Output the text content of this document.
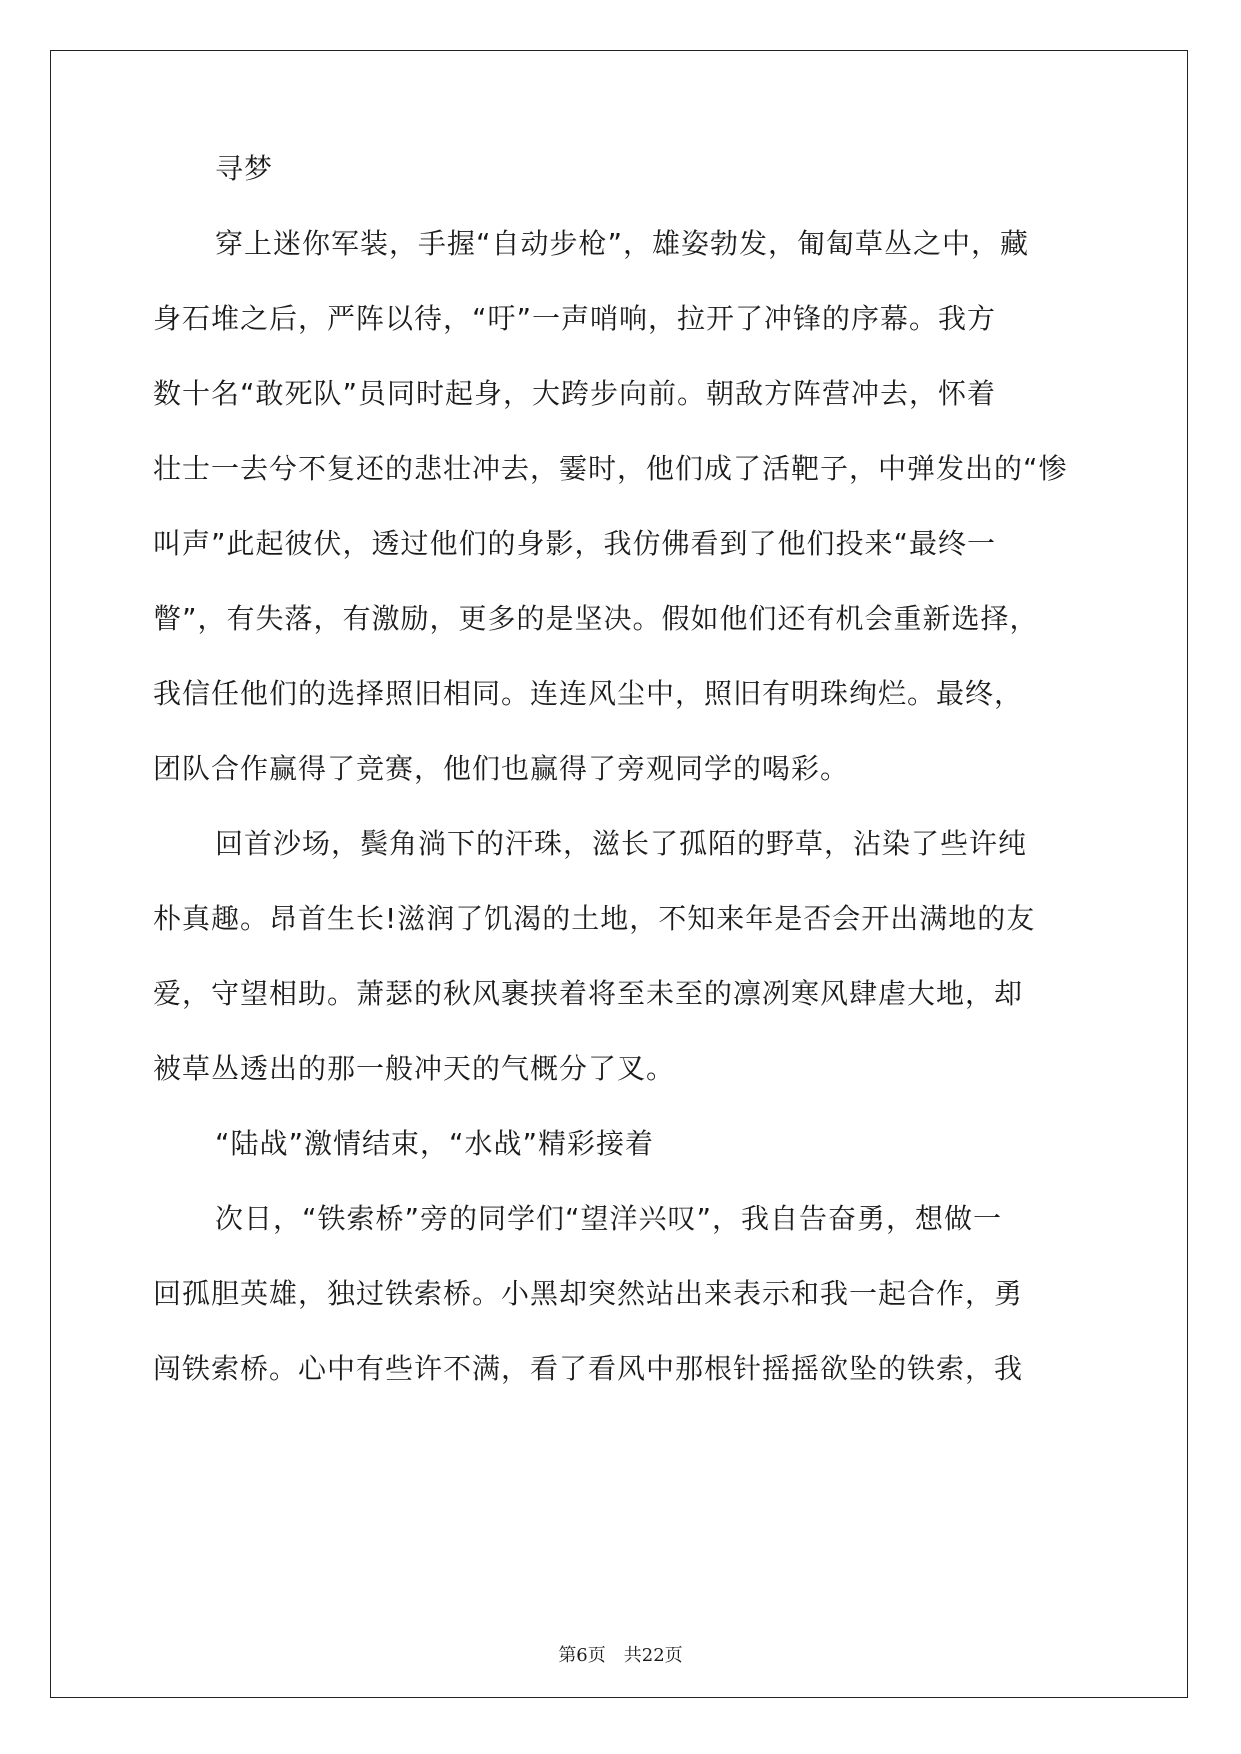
寻梦
穿上迷你军装，手握“自动步枪”，雄姿勃发，匍匐草丛之中，藏
身石堆之后，严阵以待，“吁”一声哨响，拉开了冲锋的序幕。我方
数十名“敢死队”员同时起身，大跨步向前。朝敌方阵营冲去，怀着
壮士一去兮不复还的悲壮冲去，霎时，他们成了活靶子，中弹发出的“惨
叫声”此起彼伏，透过他们的身影，我仿佛看到了他们投来“最终一
瞥”，有失落，有激励，更多的是坚决。假如他们还有机会重新选择，
我信任他们的选择照旧相同。连连风尘中，照旧有明珠绚烂。最终，
团队合作赢得了竞赛，他们也赢得了旁观同学的喝彩。
回首沙场，鬓角淌下的汗珠，滋长了孤陌的野草，沾染了些许纯
朴真趣。昂首生长!滋润了饥渴的土地，不知来年是否会开出满地的友
爱，守望相助。萧瑟的秋风裹挟着将至未至的凛冽寒风肆虐大地，却
被草丛透出的那一般冲天的气概分了叉。
“陆战”激情结束，“水战”精彩接着
次日，“铁索桥”旁的同学们“望洋兴叹”，我自告奋勇，想做一
回孤胆英雄，独过铁索桥。小黑却突然站出来表示和我一起合作，勇
闯铁索桥。心中有些许不满，看了看风中那根针摇摇欲坠的铁索，我
第6页　共22页
